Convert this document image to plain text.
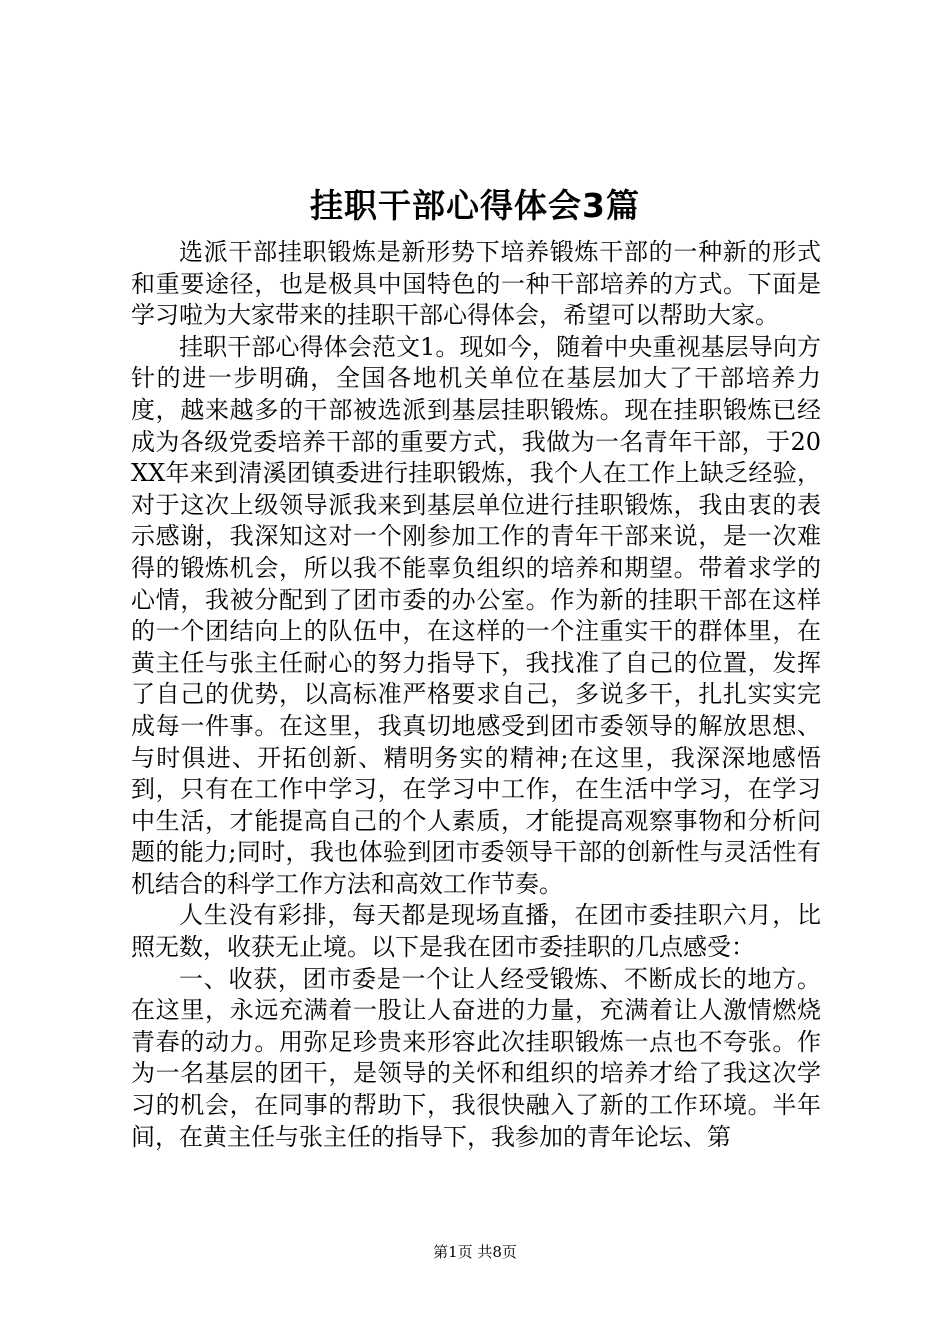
挂职干部心得体会3篇

选派干部挂职锻炼是新形势下培养锻炼干部的一种新的形式和重要途径，也是极具中国特色的一种干部培养的方式。下面是学习啦为大家带来的挂职干部心得体会，希望可以帮助大家。

挂职干部心得体会范文1。现如今，随着中央重视基层导向方针的进一步明确，全国各地机关单位在基层加大了干部培养力度，越来越多的干部被选派到基层挂职锻炼。现在挂职锻炼已经成为各级党委培养干部的重要方式，我做为一名青年干部，于20XX年来到清溪团镇委进行挂职锻炼，我个人在工作上缺乏经验，对于这次上级领导派我来到基层单位进行挂职锻炼，我由衷的表示感谢，我深知这对一个刚参加工作的青年干部来说，是一次难得的锻炼机会，所以我不能辜负组织的培养和期望。带着求学的心情，我被分配到了团市委的办公室。作为新的挂职干部在这样的一个团结向上的队伍中，在这样的一个注重实干的群体里，在黄主任与张主任耐心的努力指导下，我找准了自己的位置，发挥了自己的优势，以高标准严格要求自己，多说多干，扎扎实实完成每一件事。在这里，我真切地感受到团市委领导的解放思想、与时俱进、开拓创新、精明务实的精神;在这里，我深深地感悟到，只有在工作中学习，在学习中工作，在生活中学习，在学习中生活，才能提高自己的个人素质，才能提高观察事物和分析问题的能力;同时，我也体验到团市委领导干部的创新性与灵活性有机结合的科学工作方法和高效工作节奏。

人生没有彩排，每天都是现场直播，在团市委挂职六月，比照无数，收获无止境。以下是我在团市委挂职的几点感受：

一、收获，团市委是一个让人经受锻炼、不断成长的地方。在这里，永远充满着一股让人奋进的力量，充满着让人激情燃烧青春的动力。用弥足珍贵来形容此次挂职锻炼一点也不夸张。作为一名基层的团干，是领导的关怀和组织的培养才给了我这次学习的机会，在同事的帮助下，我很快融入了新的工作环境。半年间，在黄主任与张主任的指导下，我参加的青年论坛、第

第1页 共8页
